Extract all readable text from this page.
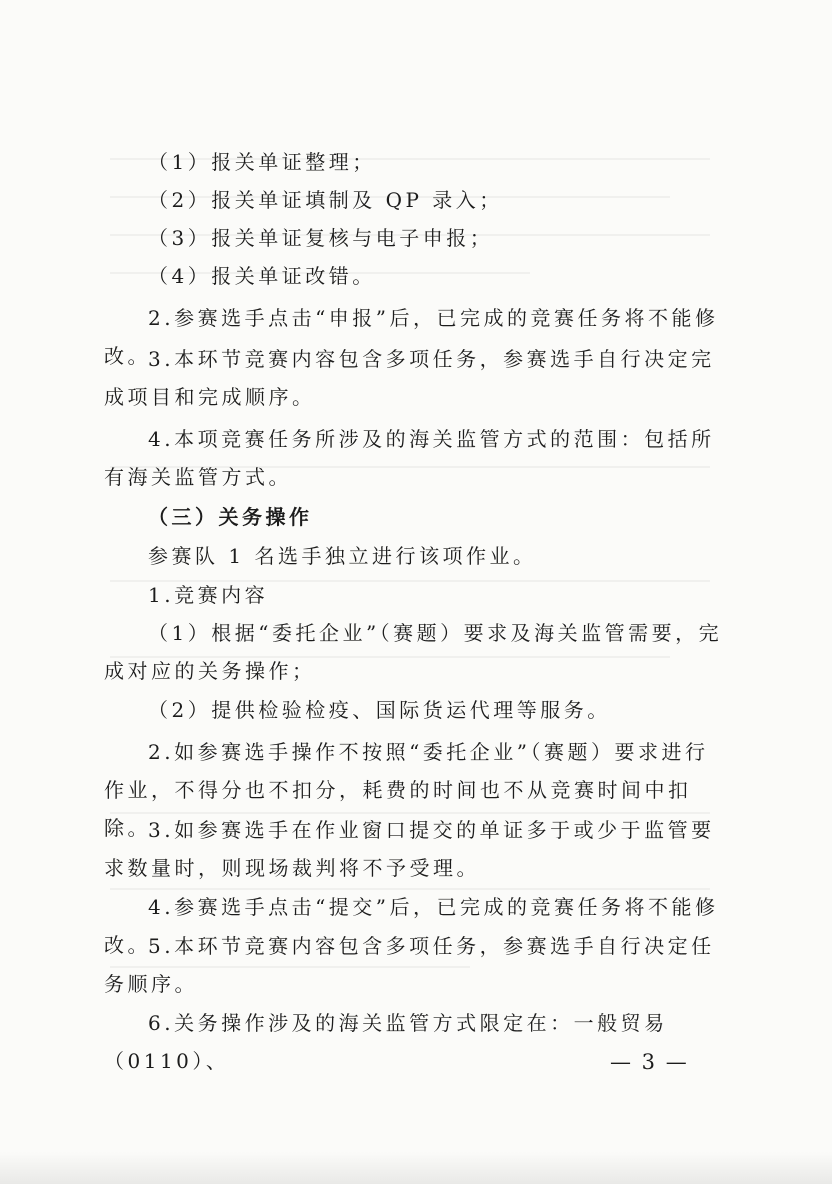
（1）报关单证整理；

（2）报关单证填制及 QP 录入；

（3）报关单证复核与电子申报；

（4）报关单证改错。

2.参赛选手点击“申报”后，已完成的竞赛任务将不能修改。

3.本环节竞赛内容包含多项任务，参赛选手自行决定完成项目和完成顺序。

4.本项竞赛任务所涉及的海关监管方式的范围：包括所有海关监管方式。

（三）关务操作

参赛队 1 名选手独立进行该项作业。

1.竞赛内容

（1）根据“委托企业”（赛题）要求及海关监管需要，完成对应的关务操作；

（2）提供检验检疫、国际货运代理等服务。

2.如参赛选手操作不按照“委托企业”（赛题）要求进行作业，不得分也不扣分，耗费的时间也不从竞赛时间中扣除。

3.如参赛选手在作业窗口提交的单证多于或少于监管要求数量时，则现场裁判将不予受理。

4.参赛选手点击“提交”后，已完成的竞赛任务将不能修改。

5.本环节竞赛内容包含多项任务，参赛选手自行决定任务顺序。

6.关务操作涉及的海关监管方式限定在：一般贸易（0110）、	— 3 —
